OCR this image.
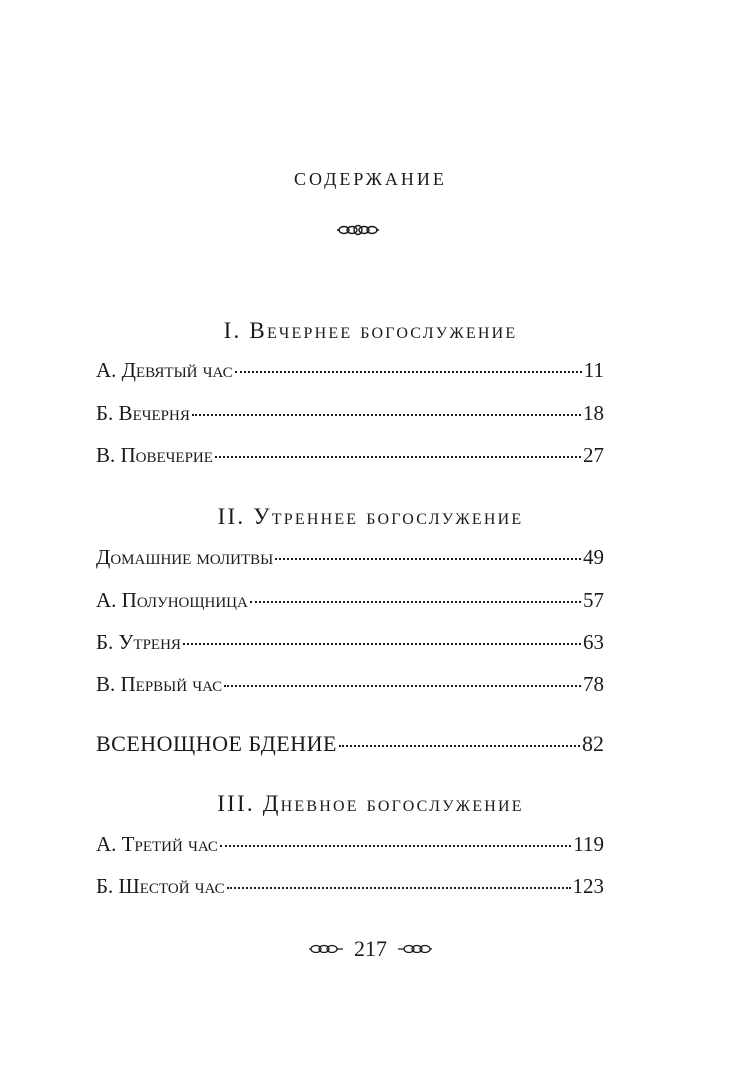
содержание
I. Вечернее богослужение
А. Девятый час	11
Б. Вечерня	18
В. Повечерие	27
II. Утреннее богослужение
Домашние молитвы	49
А. Полунощница	57
Б. Утреня	63
В. Первый час	78
ВСЕНОЩНОЕ БДЕНИЕ	82
III. Дневное богослужение
А. Третий час	119
Б. Шестой час	123
217
